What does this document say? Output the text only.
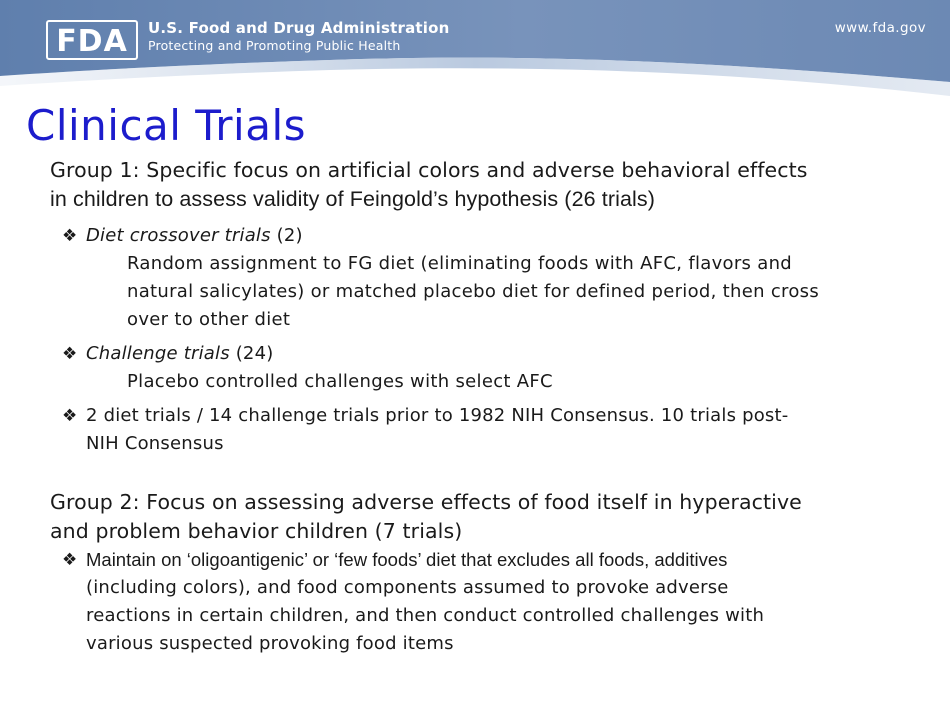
FDA U.S. Food and Drug Administration
Protecting and Promoting Public Health
www.fda.gov
Clinical Trials

Group 1: Specific focus on artificial colors and adverse behavioral effects

in children to assess validity of Feingold’s hypothesis (26 trials)

❖ Diet crossover trials (2)
Random assignment to FG diet (eliminating foods with AFC, flavors and
natural salicylates) or matched placebo diet for defined period, then cross
over to other diet
❖ Challenge trials (24)
Placebo controlled challenges with select AFC
❖ 2 diet trials / 14 challenge trials prior to 1982 NIH Consensus. 10 trials post-
NIH Consensus

Group 2: Focus on assessing adverse effects of food itself in hyperactive

and problem behavior children (7 trials)

❖ Maintain on ‘oligoantigenic’ or ‘few foods’ diet that excludes all foods, additives
(including colors), and food components assumed to provoke adverse
reactions in certain children, and then conduct controlled challenges with
various suspected provoking food items
